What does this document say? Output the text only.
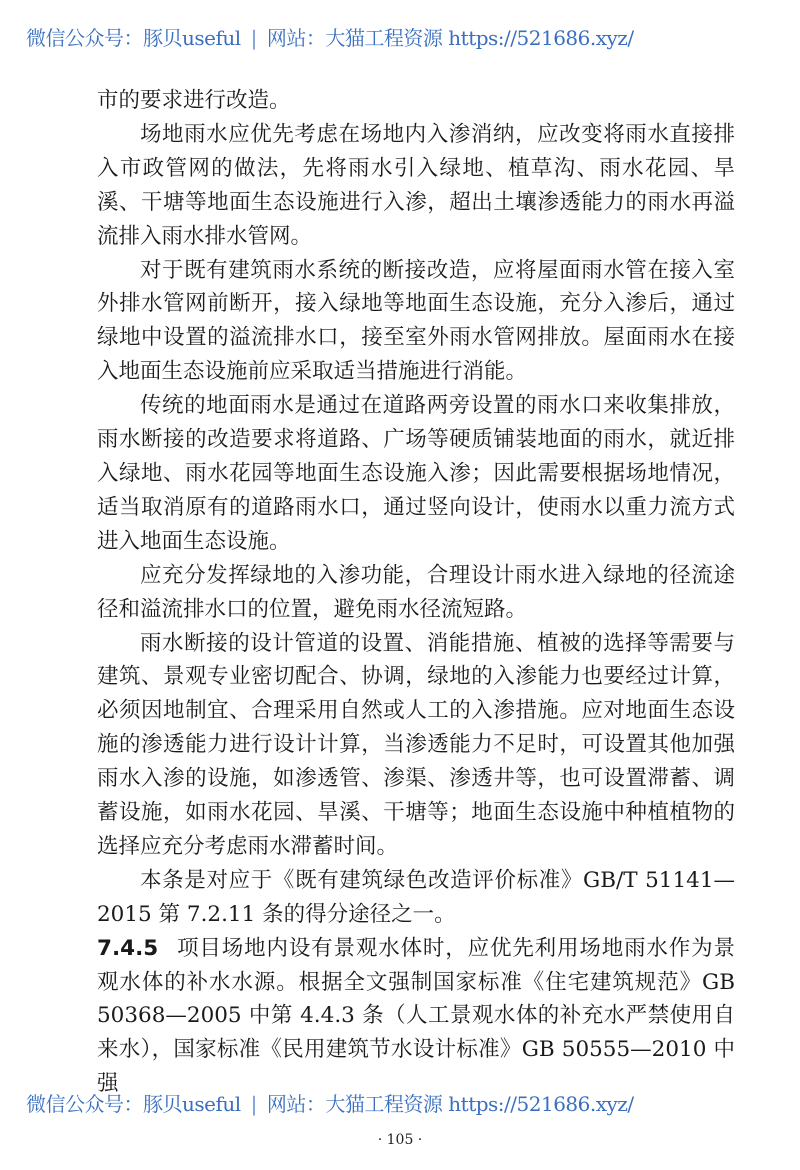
微信公众号：豚贝useful | 网站：大猫工程资源 https://521686.xyz/

市的要求进行改造。

场地雨水应优先考虑在场地内入渗消纳，应改变将雨水直接排入市政管网的做法，先将雨水引入绿地、植草沟、雨水花园、旱溪、干塘等地面生态设施进行入渗，超出土壤渗透能力的雨水再溢流排入雨水排水管网。

对于既有建筑雨水系统的断接改造，应将屋面雨水管在接入室外排水管网前断开，接入绿地等地面生态设施，充分入渗后，通过绿地中设置的溢流排水口，接至室外雨水管网排放。屋面雨水在接入地面生态设施前应采取适当措施进行消能。

传统的地面雨水是通过在道路两旁设置的雨水口来收集排放，雨水断接的改造要求将道路、广场等硬质铺装地面的雨水，就近排入绿地、雨水花园等地面生态设施入渗；因此需要根据场地情况，适当取消原有的道路雨水口，通过竖向设计，使雨水以重力流方式进入地面生态设施。

应充分发挥绿地的入渗功能，合理设计雨水进入绿地的径流途径和溢流排水口的位置，避免雨水径流短路。

雨水断接的设计管道的设置、消能措施、植被的选择等需要与建筑、景观专业密切配合、协调，绿地的入渗能力也要经过计算，必须因地制宜、合理采用自然或人工的入渗措施。应对地面生态设施的渗透能力进行设计计算，当渗透能力不足时，可设置其他加强雨水入渗的设施，如渗透管、渗渠、渗透井等，也可设置滞蓄、调蓄设施，如雨水花园、旱溪、干塘等；地面生态设施中种植植物的选择应充分考虑雨水滞蓄时间。

本条是对应于《既有建筑绿色改造评价标准》GB/T 51141—2015 第 7.2.11 条的得分途径之一。

7.4.5 项目场地内设有景观水体时，应优先利用场地雨水作为景观水体的补水水源。根据全文强制国家标准《住宅建筑规范》GB 50368—2005 中第 4.4.3 条（人工景观水体的补充水严禁使用自来水），国家标准《民用建筑节水设计标准》GB 50555—2010 中强

微信公众号：豚贝useful | 网站：大猫工程资源 https://521686.xyz/
· 105 ·
